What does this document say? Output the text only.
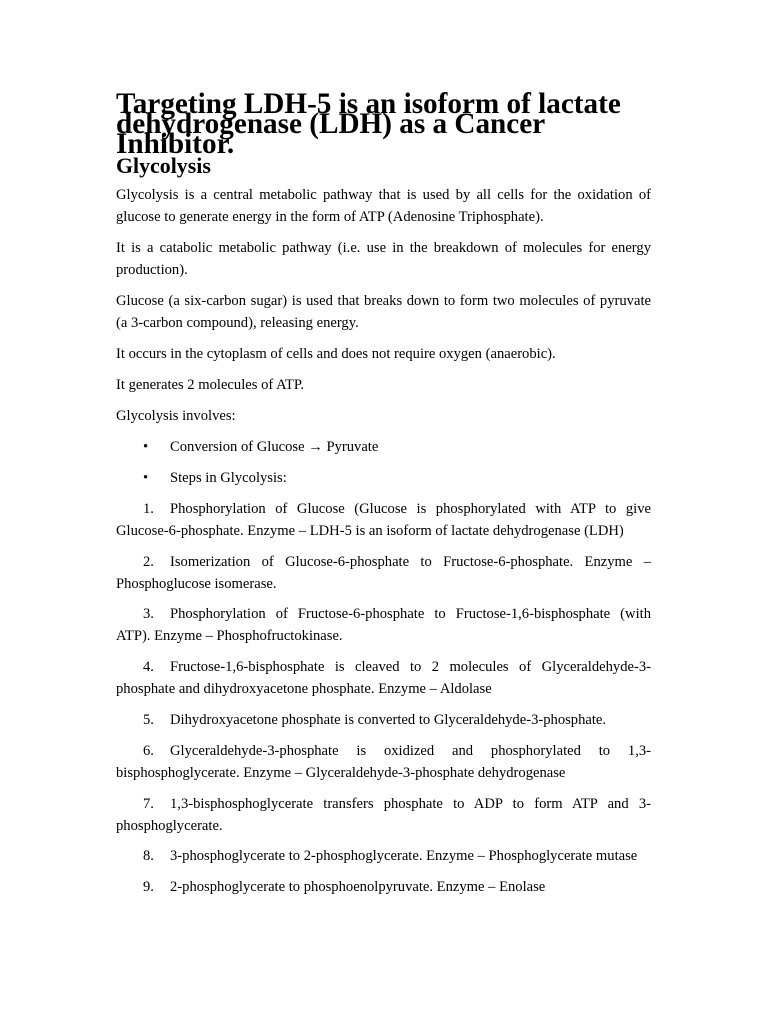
Targeting LDH-5 is an isoform of lactate dehydrogenase (LDH) as a Cancer Inhibitor.
Glycolysis

Glycolysis is a central metabolic pathway that is used by all cells for the oxidation of glucose to generate energy in the form of ATP (Adenosine Triphosphate).

It is a catabolic metabolic pathway (i.e. use in the breakdown of molecules for energy production).

Glucose (a six-carbon sugar) is used that breaks down to form two molecules of pyruvate (a 3-carbon compound), releasing energy.

It occurs in the cytoplasm of cells and does not require oxygen (anaerobic).

It generates 2 molecules of ATP.

Glycolysis involves:

• Conversion of Glucose → Pyruvate
• Steps in Glycolysis:

1. Phosphorylation of Glucose (Glucose is phosphorylated with ATP to give Glucose-6-phosphate. Enzyme – LDH-5 is an isoform of lactate dehydrogenase (LDH)

2. Isomerization of Glucose-6-phosphate to Fructose-6-phosphate. Enzyme – Phosphoglucose isomerase.

3. Phosphorylation of Fructose-6-phosphate to Fructose-1,6-bisphosphate (with ATP). Enzyme – Phosphofructokinase.

4. Fructose-1,6-bisphosphate is cleaved to 2 molecules of Glyceraldehyde-3-phosphate and dihydroxyacetone phosphate. Enzyme – Aldolase

5. Dihydroxyacetone phosphate is converted to Glyceraldehyde-3-phosphate.

6. Glyceraldehyde-3-phosphate is oxidized and phosphorylated to 1,3-bisphosphoglycerate. Enzyme – Glyceraldehyde-3-phosphate dehydrogenase

7. 1,3-bisphosphoglycerate transfers phosphate to ADP to form ATP and 3-phosphoglycerate.

8. 3-phosphoglycerate to 2-phosphoglycerate. Enzyme – Phosphoglycerate mutase

9. 2-phosphoglycerate to phosphoenolpyruvate. Enzyme – Enolase
